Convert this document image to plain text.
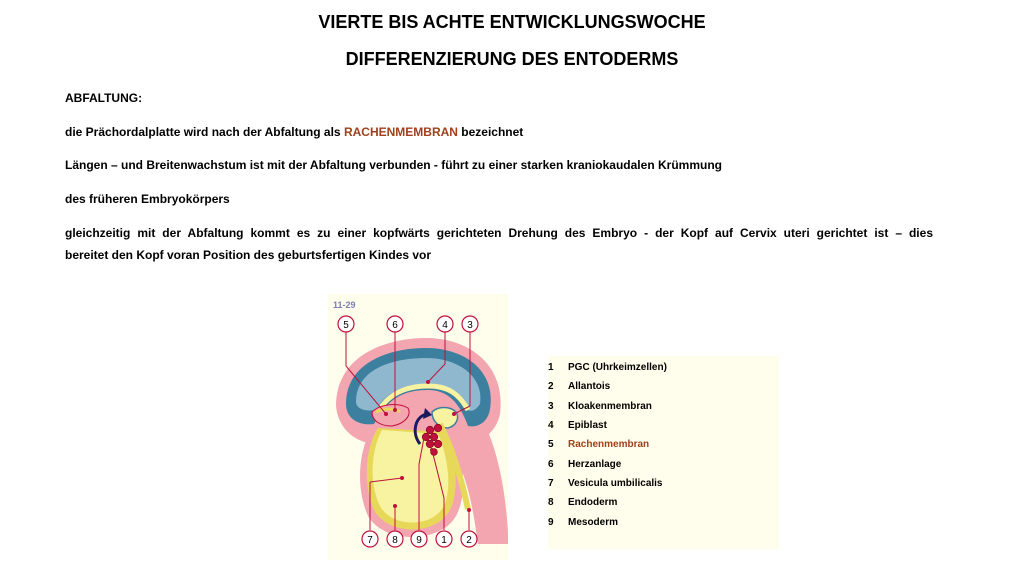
VIERTE BIS ACHTE ENTWICKLUNGSWOCHE
DIFFERENZIERUNG DES ENTODERMS
ABFALTUNG:
die Prächordalplatte wird nach der Abfaltung als RACHENMEMBRAN bezeichnet
Längen – und Breitenwachstum ist mit der Abfaltung verbunden - führt zu einer starken kraniokaudalen Krümmung
des früheren Embryokörpers
gleichzeitig mit der Abfaltung kommt es zu einer kopfwärts gerichteten Drehung des Embryo - der Kopf auf Cervix uteri gerichtet ist – dies
bereitet den Kopf voran Position des geburtsfertigen Kindes vor
11-29
5	6	4 3
7 8 9 1 2
1	PGC (Uhrkeimzellen)
2	Allantois
3	Kloakenmembran
4	Epiblast
5	Rachenmembran
6	Herzanlage
7	Vesicula umbilicalis
8	Endoderm
9	Mesoderm
